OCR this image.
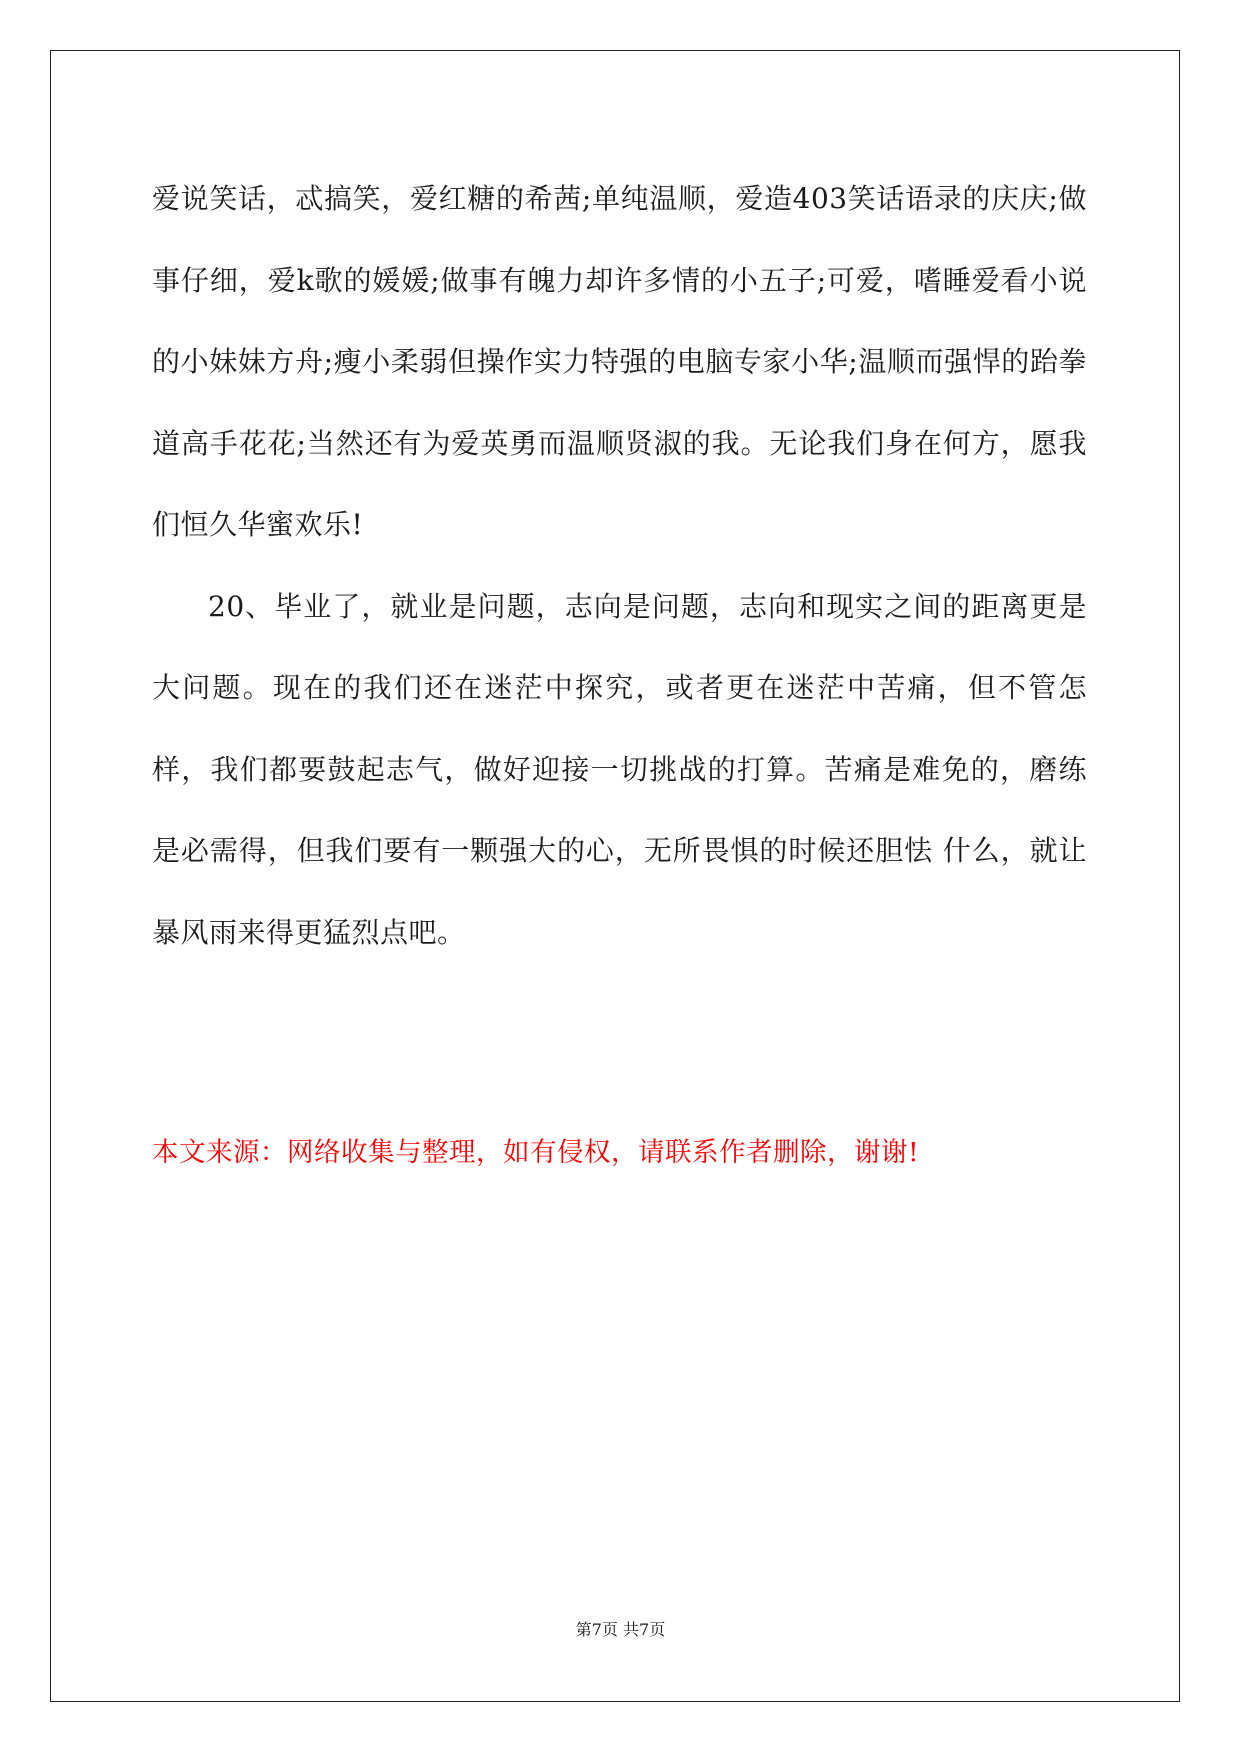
爱说笑话，忒搞笑，爱红糖的希茜;单纯温顺，爱造403笑话语录的庆庆;做事仔细，爱k歌的媛媛;做事有魄力却许多情的小五子;可爱，嗜睡爱看小说的小妹妹方舟;瘦小柔弱但操作实力特强的电脑专家小华;温顺而强悍的跆拳道高手花花;当然还有为爱英勇而温顺贤淑的我。无论我们身在何方，愿我们恒久华蜜欢乐!

20、毕业了，就业是问题，志向是问题，志向和现实之间的距离更是大问题。现在的我们还在迷茫中探究，或者更在迷茫中苦痛，但不管怎样，我们都要鼓起志气，做好迎接一切挑战的打算。苦痛是难免的，磨练是必需得，但我们要有一颗强大的心，无所畏惧的时候还胆怯 什么，就让暴风雨来得更猛烈点吧。

本文来源：网络收集与整理，如有侵权，请联系作者删除，谢谢!
第7页 共7页
